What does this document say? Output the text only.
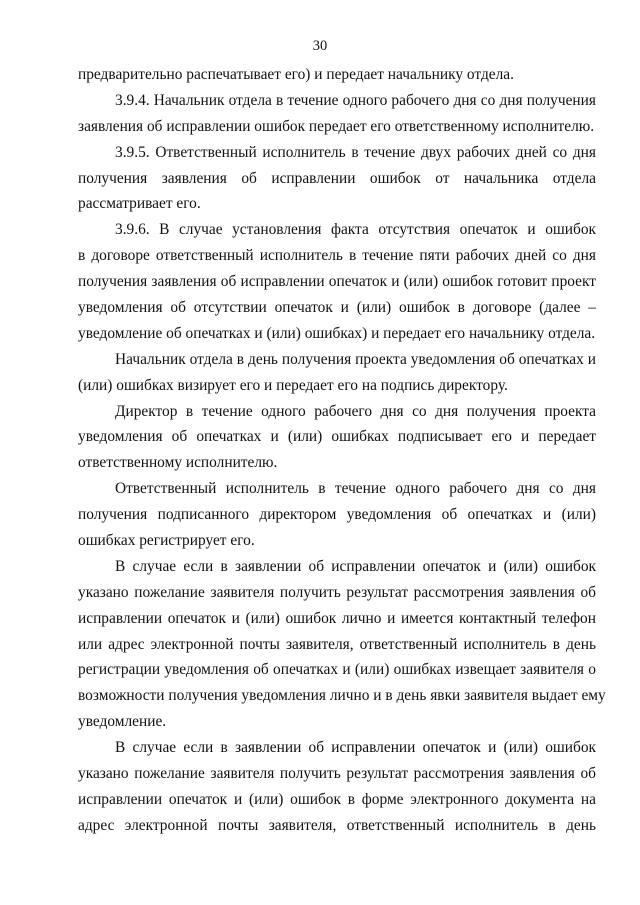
30
предварительно распечатывает его) и передает начальнику отдела.
3.9.4. Начальник отдела в течение одного рабочего дня со дня получения
заявления об исправлении ошибок передает его ответственному исполнителю.
3.9.5. Ответственный исполнитель в течение двух рабочих дней со дня
получения заявления об исправлении ошибок от начальника отдела
рассматривает его.
3.9.6. В случае установления факта отсутствия опечаток и ошибок
в договоре ответственный исполнитель в течение пяти рабочих дней со дня
получения заявления об исправлении опечаток и (или) ошибок готовит проект
уведомления об отсутствии опечаток и (или) ошибок в договоре (далее –
уведомление об опечатках и (или) ошибках) и передает его начальнику отдела.
Начальник отдела в день получения проекта уведомления об опечатках и
(или) ошибках визирует его и передает его на подпись директору.
Директор в течение одного рабочего дня со дня получения проекта
уведомления об опечатках и (или) ошибках подписывает его и передает
ответственному исполнителю.
Ответственный исполнитель в течение одного рабочего дня со дня
получения подписанного директором уведомления об опечатках и (или)
ошибках регистрирует его.
В случае если в заявлении об исправлении опечаток и (или) ошибок
указано пожелание заявителя получить результат рассмотрения заявления об
исправлении опечаток и (или) ошибок лично и имеется контактный телефон
или адрес электронной почты заявителя, ответственный исполнитель в день
регистрации уведомления об опечатках и (или) ошибках извещает заявителя о
возможности получения уведомления лично и в день явки заявителя выдает ему
уведомление.
В случае если в заявлении об исправлении опечаток и (или) ошибок
указано пожелание заявителя получить результат рассмотрения заявления об
исправлении опечаток и (или) ошибок в форме электронного документа на
адрес электронной почты заявителя, ответственный исполнитель в день
